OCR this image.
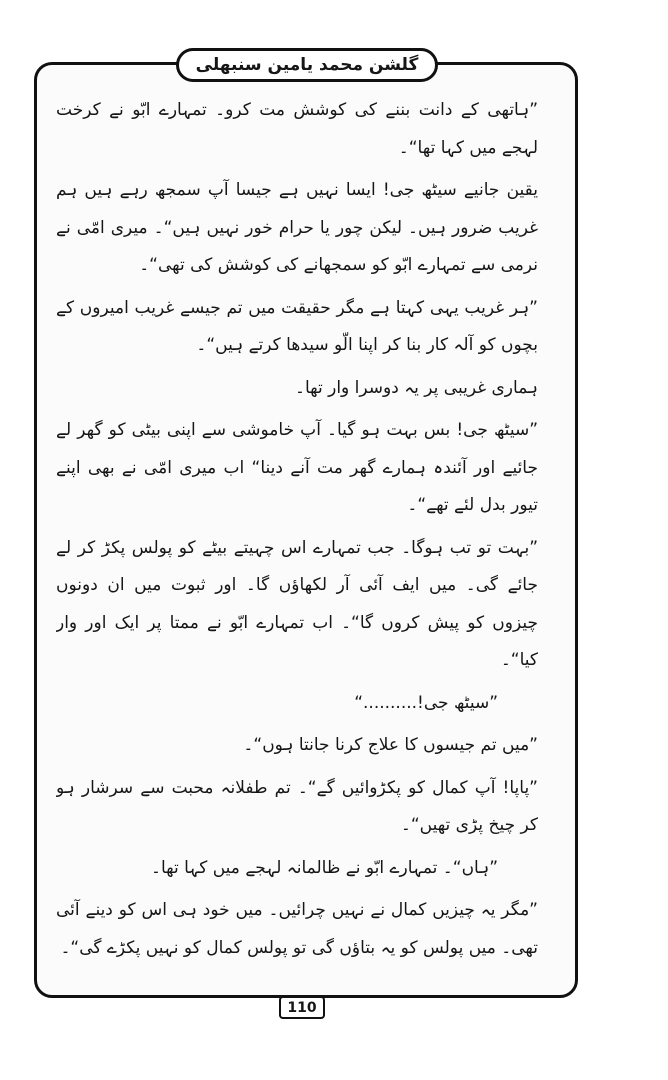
گلشن محمد یامین سنبھلی

”ہاتھی کے دانت بننے کی کوشش مت کرو۔ تمہارے ابّو نے کرخت لہجے میں کہا تھا“۔

یقین جانیے سیٹھ جی! ایسا نہیں ہے جیسا آپ سمجھ رہے ہیں ہم غریب ضرور ہیں۔ لیکن چور یا حرام خور نہیں ہیں“۔ میری امّی نے نرمی سے تمہارے ابّو کو سمجھانے کی کوشش کی تھی“۔

”ہر غریب یہی کہتا ہے مگر حقیقت میں تم جیسے غریب امیروں کے بچوں کو آلہ کار بنا کر اپنا الّو سیدھا کرتے ہیں“۔

ہماری غریبی پر یہ دوسرا وار تھا۔

”سیٹھ جی! بس بہت ہو گیا۔ آپ خاموشی سے اپنی بیٹی کو گھر لے جائیے اور آئندہ ہمارے گھر مت آنے دینا“ اب میری امّی نے بھی اپنے تیور بدل لئے تھے“۔

”بہت تو تب ہوگا۔ جب تمہارے اس چہیتے بیٹے کو پولس پکڑ کر لے جائے گی۔ میں ایف آئی آر لکھاؤں گا۔ اور ثبوت میں ان دونوں چیزوں کو پیش کروں گا“۔ اب تمہارے ابّو نے ممتا پر ایک اور وار کیا“۔

”سیٹھ جی!..........“

”میں تم جیسوں کا علاج کرنا جانتا ہوں“۔

”پاپا! آپ کمال کو پکڑوائیں گے“۔ تم طفلانہ محبت سے سرشار ہو کر چیخ پڑی تھیں“۔

”ہاں“۔ تمہارے ابّو نے ظالمانہ لہجے میں کہا تھا۔

”مگر یہ چیزیں کمال نے نہیں چرائیں۔ میں خود ہی اس کو دینے آئی تھی۔ میں پولس کو یہ بتاؤں گی تو پولس کمال کو نہیں پکڑے گی“۔

110
